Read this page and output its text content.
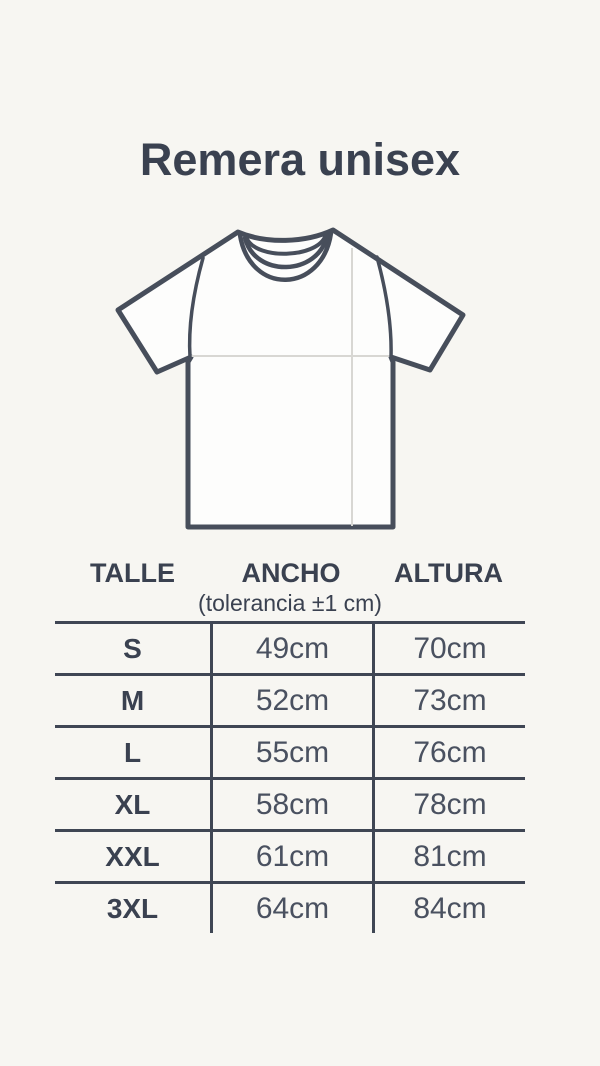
Remera unisex
TALLE	ANCHO	ALTURA
(tolerancia ±1 cm)
S	49cm	70cm
M	52cm	73cm
L	55cm	76cm
XL	58cm	78cm
XXL	61cm	81cm
3XL	64cm	84cm
